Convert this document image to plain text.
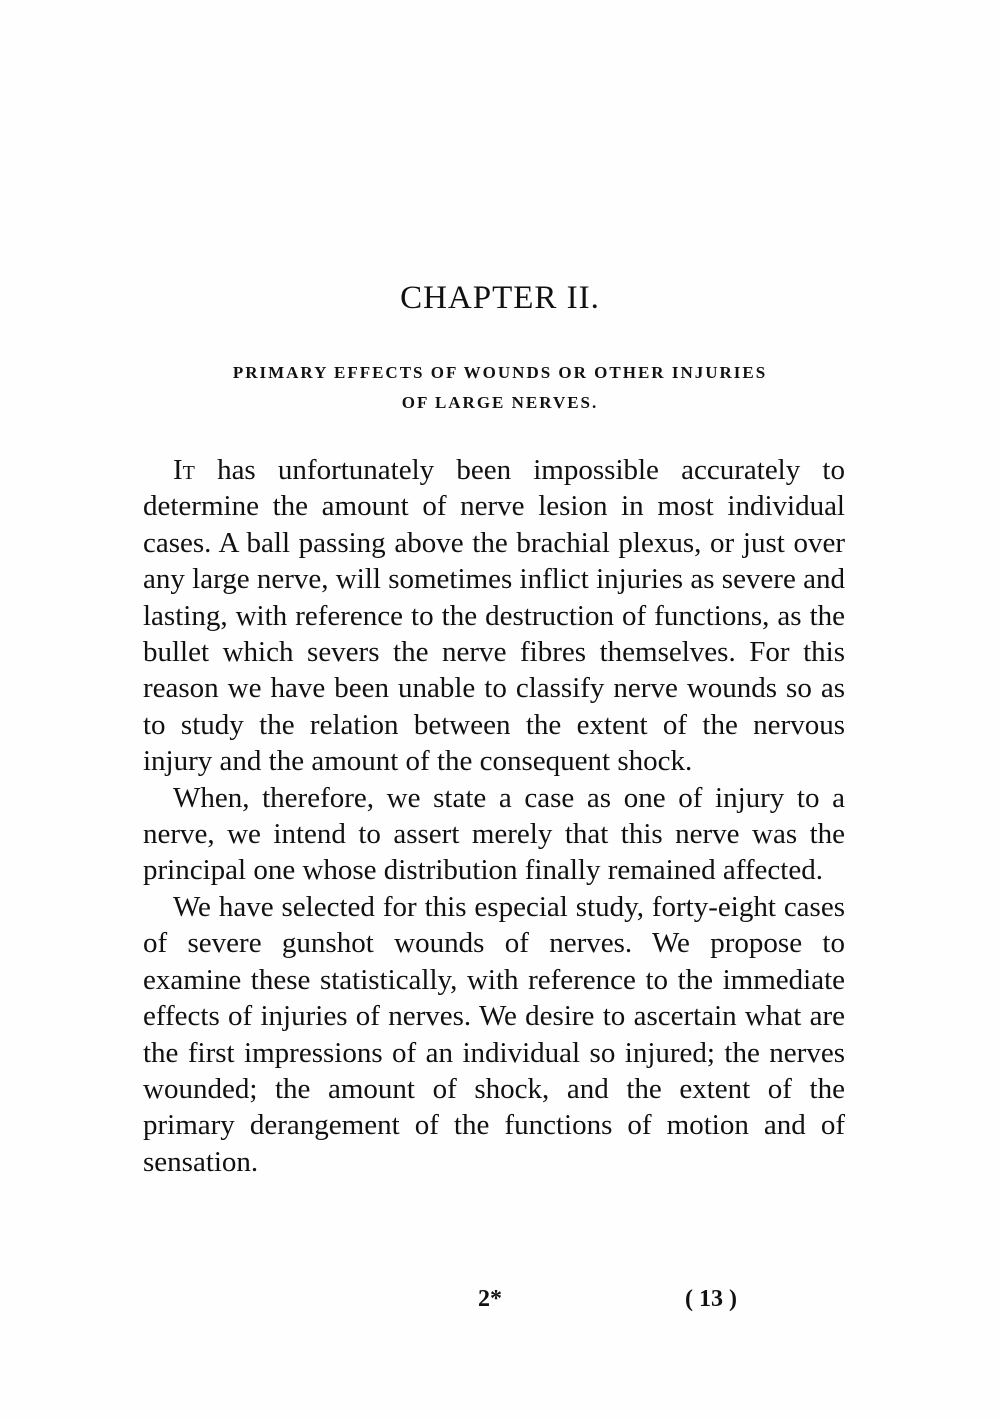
CHAPTER II.
PRIMARY EFFECTS OF WOUNDS OR OTHER INJURIES
OF LARGE NERVES.

It has unfortunately been impossible accurately to determine the amount of nerve lesion in most individual cases. A ball passing above the brachial plexus, or just over any large nerve, will sometimes inflict injuries as severe and lasting, with reference to the destruction of functions, as the bullet which severs the nerve fibres themselves. For this reason we have been unable to classify nerve wounds so as to study the relation between the extent of the nervous injury and the amount of the consequent shock.

When, therefore, we state a case as one of injury to a nerve, we intend to assert merely that this nerve was the principal one whose distribution finally remained affected.

We have selected for this especial study, forty-eight cases of severe gunshot wounds of nerves. We propose to examine these statistically, with reference to the immediate effects of injuries of nerves. We desire to ascertain what are the first impressions of an individual so injured; the nerves wounded; the amount of shock, and the extent of the primary derangement of the functions of motion and of sensation.

2*	( 13 )
